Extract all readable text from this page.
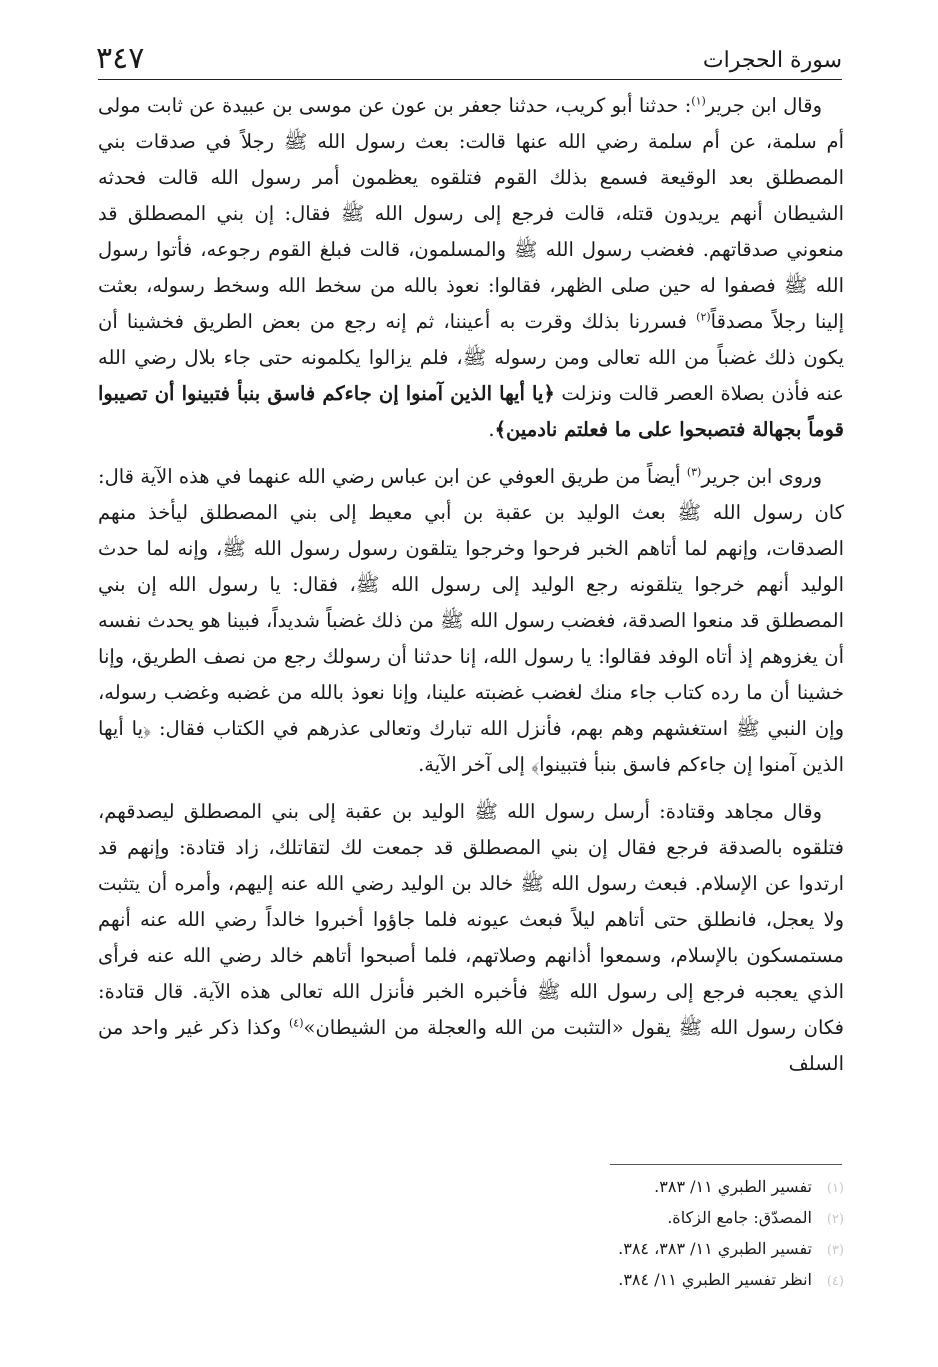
٣٤٧	سورة الحجرات

وقال ابن جرير$^{(١)}$: حدثنا أبو كريب، حدثنا جعفر بن عون عن موسى بن عبيدة عن ثابت مولى أم سلمة، عن أم سلمة رضي الله عنها قالت: بعث رسول الله ﷺ رجلاً في صدقات بني المصطلق بعد الوقيعة فسمع بذلك القوم فتلقوه يعظمون أمر رسول الله قالت فحدثه الشيطان أنهم يريدون قتله، قالت فرجع إلى رسول الله ﷺ فقال: إن بني المصطلق قد منعوني صدقاتهم. فغضب رسول الله ﷺ والمسلمون، قالت فبلغ القوم رجوعه، فأتوا رسول الله ﷺ فصفوا له حين صلى الظهر، فقالوا: نعوذ بالله من سخط الله وسخط رسوله، بعثت إلينا رجلاً مصدقاً$^{(٢)}$ فسررنا بذلك وقرت به أعيننا، ثم إنه رجع من بعض الطريق فخشينا أن يكون ذلك غضباً من الله تعالى ومن رسوله ﷺ، فلم يزالوا يكلمونه حتى جاء بلال رضي الله عنه فأذن بصلاة العصر قالت ونزلت ﴿يا أيها الذين آمنوا إن جاءكم فاسق بنبأ فتبينوا أن تصيبوا قوماً بجهالة فتصبحوا على ما فعلتم نادمين﴾.

وروى ابن جرير$^{(٣)}$ أيضاً من طريق العوفي عن ابن عباس رضي الله عنهما في هذه الآية قال: كان رسول الله ﷺ بعث الوليد بن عقبة بن أبي معيط إلى بني المصطلق ليأخذ منهم الصدقات، وإنهم لما أتاهم الخبر فرحوا وخرجوا يتلقون رسول رسول الله ﷺ، وإنه لما حدث الوليد أنهم خرجوا يتلقونه رجع الوليد إلى رسول الله ﷺ، فقال: يا رسول الله إن بني المصطلق قد منعوا الصدقة، فغضب رسول الله ﷺ من ذلك غضباً شديداً، فبينا هو يحدث نفسه أن يغزوهم إذ أتاه الوفد فقالوا: يا رسول الله، إنا حدثنا أن رسولك رجع من نصف الطريق، وإنا خشينا أن ما رده كتاب جاء منك لغضب غضبته علينا، وإنا نعوذ بالله من غضبه وغضب رسوله، وإن النبي ﷺ استغشهم وهم بهم، فأنزل الله تبارك وتعالى عذرهم في الكتاب فقال: ﴿يا أيها الذين آمنوا إن جاءكم فاسق بنبأ فتبينوا﴾ إلى آخر الآية.

وقال مجاهد وقتادة: أرسل رسول الله ﷺ الوليد بن عقبة إلى بني المصطلق ليصدقهم، فتلقوه بالصدقة فرجع فقال إن بني المصطلق قد جمعت لك لتقاتلك، زاد قتادة: وإنهم قد ارتدوا عن الإسلام. فبعث رسول الله ﷺ خالد بن الوليد رضي الله عنه إليهم، وأمره أن يتثبت ولا يعجل، فانطلق حتى أتاهم ليلاً فبعث عيونه فلما جاؤوا أخبروا خالداً رضي الله عنه أنهم مستمسكون بالإسلام، وسمعوا أذانهم وصلاتهم، فلما أصبحوا أتاهم خالد رضي الله عنه فرأى الذي يعجبه فرجع إلى رسول الله ﷺ فأخبره الخبر فأنزل الله تعالى هذه الآية. قال قتادة: فكان رسول الله ﷺ يقول «التثبت من الله والعجلة من الشيطان»$^{(٤)}$ وكذا ذكر غير واحد من السلف

(١)
تفسير الطبري ١١/ ٣٨٣.
(٢)
المصدّق: جامع الزكاة.
(٣)
تفسير الطبري ١١/ ٣٨٣، ٣٨٤.
(٤)
انظر تفسير الطبري ١١/ ٣٨٤.
